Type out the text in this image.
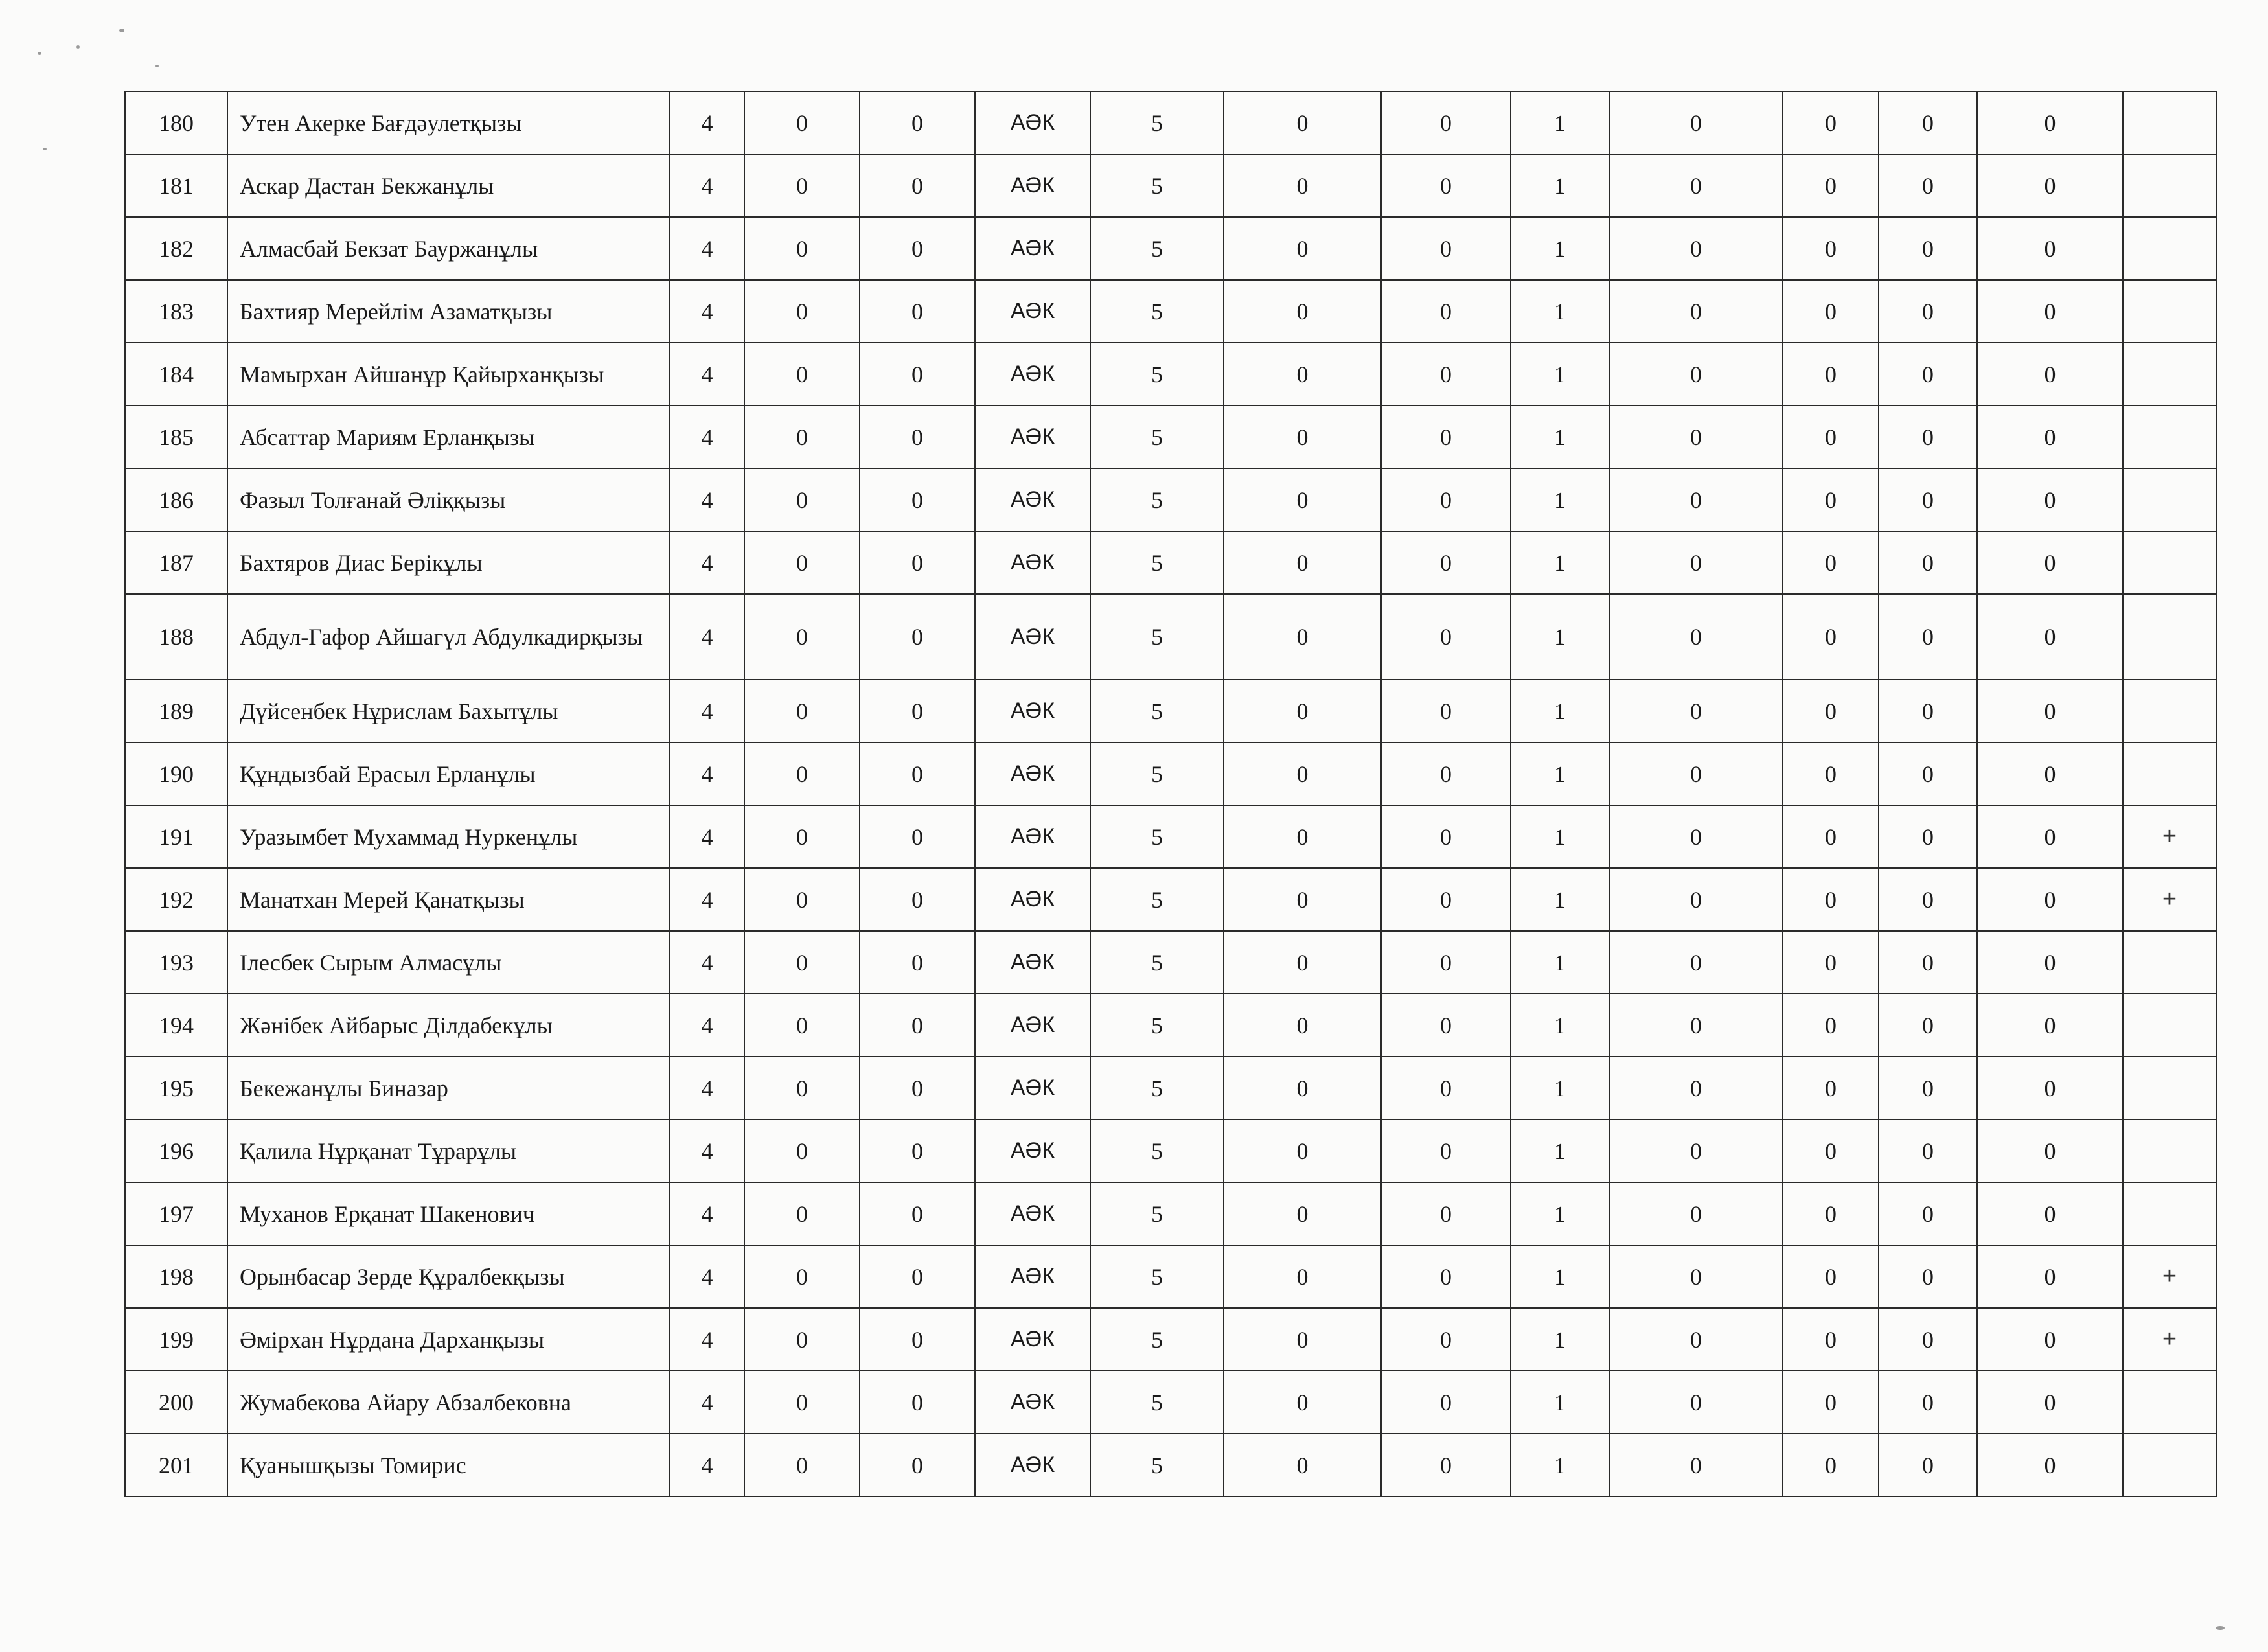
180	Утен Акерке Бағдәулетқызы	4	0	0	АӘК	5	0	0	1	0	0	0	0	
181	Аскар Дастан Бекжанұлы	4	0	0	АӘК	5	0	0	1	0	0	0	0	
182	Алмасбай Бекзат Бауржанұлы	4	0	0	АӘК	5	0	0	1	0	0	0	0	
183	Бахтияр Мерейлім Азаматқызы	4	0	0	АӘК	5	0	0	1	0	0	0	0	
184	Мамырхан Айшанұр Қайырханқызы	4	0	0	АӘК	5	0	0	1	0	0	0	0	
185	Абсаттар Мариям Ерланқызы	4	0	0	АӘК	5	0	0	1	0	0	0	0	
186	Фазыл Толғанай Әліққызы	4	0	0	АӘК	5	0	0	1	0	0	0	0	
187	Бахтяров Диас Берікұлы	4	0	0	АӘК	5	0	0	1	0	0	0	0	
188	Абдул-Гафор Айшагүл Абдулкадирқызы	4	0	0	АӘК	5	0	0	1	0	0	0	0	
189	Дүйсенбек Нұрислам Бахытұлы	4	0	0	АӘК	5	0	0	1	0	0	0	0	
190	Құндызбай Ерасыл Ерланұлы	4	0	0	АӘК	5	0	0	1	0	0	0	0	
191	Уразымбет Мухаммад Нуркенұлы	4	0	0	АӘК	5	0	0	1	0	0	0	0	+
192	Манатхан Мерей Қанатқызы	4	0	0	АӘК	5	0	0	1	0	0	0	0	+
193	Ілесбек Сырым Алмасұлы	4	0	0	АӘК	5	0	0	1	0	0	0	0	
194	Жәнібек Айбарыс Ділдабекұлы	4	0	0	АӘК	5	0	0	1	0	0	0	0	
195	Бекежанұлы Биназар	4	0	0	АӘК	5	0	0	1	0	0	0	0	
196	Қалила Нұрқанат Тұрарұлы	4	0	0	АӘК	5	0	0	1	0	0	0	0	
197	Муханов Ерқанат Шакенович	4	0	0	АӘК	5	0	0	1	0	0	0	0	
198	Орынбасар Зерде Құралбекқызы	4	0	0	АӘК	5	0	0	1	0	0	0	0	+
199	Әмірхан Нұрдана Дарханқызы	4	0	0	АӘК	5	0	0	1	0	0	0	0	+
200	Жумабекова Айару Абзалбековна	4	0	0	АӘК	5	0	0	1	0	0	0	0	
201	Қуанышқызы Томирис	4	0	0	АӘК	5	0	0	1	0	0	0	0	
